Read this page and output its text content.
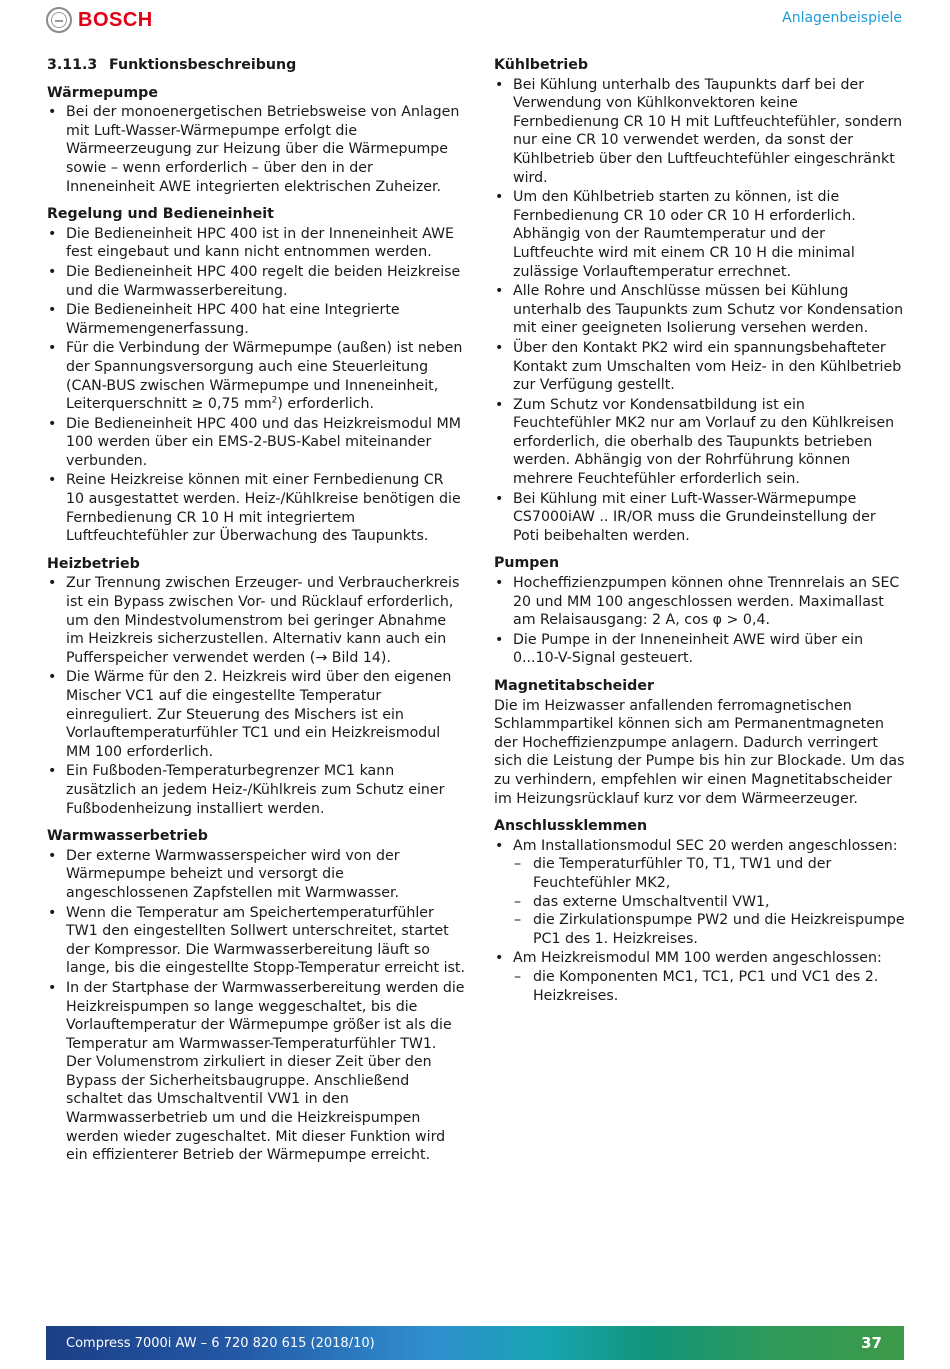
BOSCH	Anlagenbeispiele
3.11.3 Funktionsbeschreibung
Wärmepumpe
• Bei der monoenergetischen Betriebsweise von Anlagen mit Luft-Wasser-Wärmepumpe erfolgt die Wärmeerzeugung zur Heizung über die Wärmepumpe sowie – wenn erforderlich – über den in der Inneneinheit AWE integrierten elektrischen Zuheizer.
Regelung und Bedieneinheit
• Die Bedieneinheit HPC 400 ist in der Inneneinheit AWE fest eingebaut und kann nicht entnommen werden.
• Die Bedieneinheit HPC 400 regelt die beiden Heizkreise und die Warmwasserbereitung.
• Die Bedieneinheit HPC 400 hat eine Integrierte Wärmemengenerfassung.
• Für die Verbindung der Wärmepumpe (außen) ist neben der Spannungsversorgung auch eine Steuerleitung (CAN-BUS zwischen Wärmepumpe und Inneneinheit, Leiterquerschnitt ≥ 0,75 $mm^2$) erforderlich.
• Die Bedieneinheit HPC 400 und das Heizkreismodul MM 100 werden über ein EMS-2-BUS-Kabel miteinander verbunden.
• Reine Heizkreise können mit einer Fernbedienung CR 10 ausgestattet werden. Heiz-/Kühlkreise benötigen die Fernbedienung CR 10 H mit integriertem Luftfeuchtefühler zur Überwachung des Taupunkts.
Heizbetrieb
• Zur Trennung zwischen Erzeuger- und Verbraucherkreis ist ein Bypass zwischen Vor- und Rücklauf erforderlich, um den Mindestvolumenstrom bei geringer Abnahme im Heizkreis sicherzustellen. Alternativ kann auch ein Pufferspeicher verwendet werden (→ Bild 14).
• Die Wärme für den 2. Heizkreis wird über den eigenen Mischer VC1 auf die eingestellte Temperatur einreguliert. Zur Steuerung des Mischers ist ein Vorlauftemperaturfühler TC1 und ein Heizkreismodul MM 100 erforderlich.
• Ein Fußboden-Temperaturbegrenzer MC1 kann zusätzlich an jedem Heiz-/Kühlkreis zum Schutz einer Fußbodenheizung installiert werden.
Warmwasserbetrieb
• Der externe Warmwasserspeicher wird von der Wärmepumpe beheizt und versorgt die angeschlossenen Zapfstellen mit Warmwasser.
• Wenn die Temperatur am Speichertemperaturfühler TW1 den eingestellten Sollwert unterschreitet, startet der Kompressor. Die Warmwasserbereitung läuft so lange, bis die eingestellte Stopp-Temperatur erreicht ist.
• In der Startphase der Warmwasserbereitung werden die Heizkreispumpen so lange weggeschaltet, bis die Vorlauftemperatur der Wärmepumpe größer ist als die Temperatur am Warmwasser-Temperaturfühler TW1. Der Volumenstrom zirkuliert in dieser Zeit über den Bypass der Sicherheitsbaugruppe. Anschließend schaltet das Umschaltventil VW1 in den Warmwasserbetrieb um und die Heizkreispumpen werden wieder zugeschaltet. Mit dieser Funktion wird ein effizienterer Betrieb der Wärmepumpe erreicht.
Kühlbetrieb
• Bei Kühlung unterhalb des Taupunkts darf bei der Verwendung von Kühlkonvektoren keine Fernbedienung CR 10 H mit Luftfeuchtefühler, sondern nur eine CR 10 verwendet werden, da sonst der Kühlbetrieb über den Luftfeuchtefühler eingeschränkt wird.
• Um den Kühlbetrieb starten zu können, ist die Fernbedienung CR 10 oder CR 10 H erforderlich. Abhängig von der Raumtemperatur und der Luftfeuchte wird mit einem CR 10 H die minimal zulässige Vorlauftemperatur errechnet.
• Alle Rohre und Anschlüsse müssen bei Kühlung unterhalb des Taupunkts zum Schutz vor Kondensation mit einer geeigneten Isolierung versehen werden.
• Über den Kontakt PK2 wird ein spannungsbehafteter Kontakt zum Umschalten vom Heiz- in den Kühlbetrieb zur Verfügung gestellt.
• Zum Schutz vor Kondensatbildung ist ein Feuchtefühler MK2 nur am Vorlauf zu den Kühlkreisen erforderlich, die oberhalb des Taupunkts betrieben werden. Abhängig von der Rohrführung können mehrere Feuchtefühler erforderlich sein.
• Bei Kühlung mit einer Luft-Wasser-Wärmepumpe CS7000iAW .. IR/OR muss die Grundeinstellung der Poti beibehalten werden.
Pumpen
• Hocheffizienzpumpen können ohne Trennrelais an SEC 20 und MM 100 angeschlossen werden. Maximallast am Relaisausgang: 2 A, cos φ > 0,4.
• Die Pumpe in der Inneneinheit AWE wird über ein 0...10-V-Signal gesteuert.
Magnetitabscheider

Die im Heizwasser anfallenden ferromagnetischen Schlammpartikel können sich am Permanentmagneten der Hocheffizienzpumpe anlagern. Dadurch verringert sich die Leistung der Pumpe bis hin zur Blockade. Um das zu verhindern, empfehlen wir einen Magnetitabscheider im Heizungsrücklauf kurz vor dem Wärmeerzeuger.

Anschlussklemmen
• Am Installationsmodul SEC 20 werden angeschlossen:
– die Temperaturfühler T0, T1, TW1 und der Feuchtefühler MK2,
– das externe Umschaltventil VW1,
– die Zirkulationspumpe PW2 und die Heizkreispumpe PC1 des 1. Heizkreises.
• Am Heizkreismodul MM 100 werden angeschlossen:
– die Komponenten MC1, TC1, PC1 und VC1 des 2. Heizkreises.
Compress 7000i AW – 6 720 820 615 (2018/10)	37
